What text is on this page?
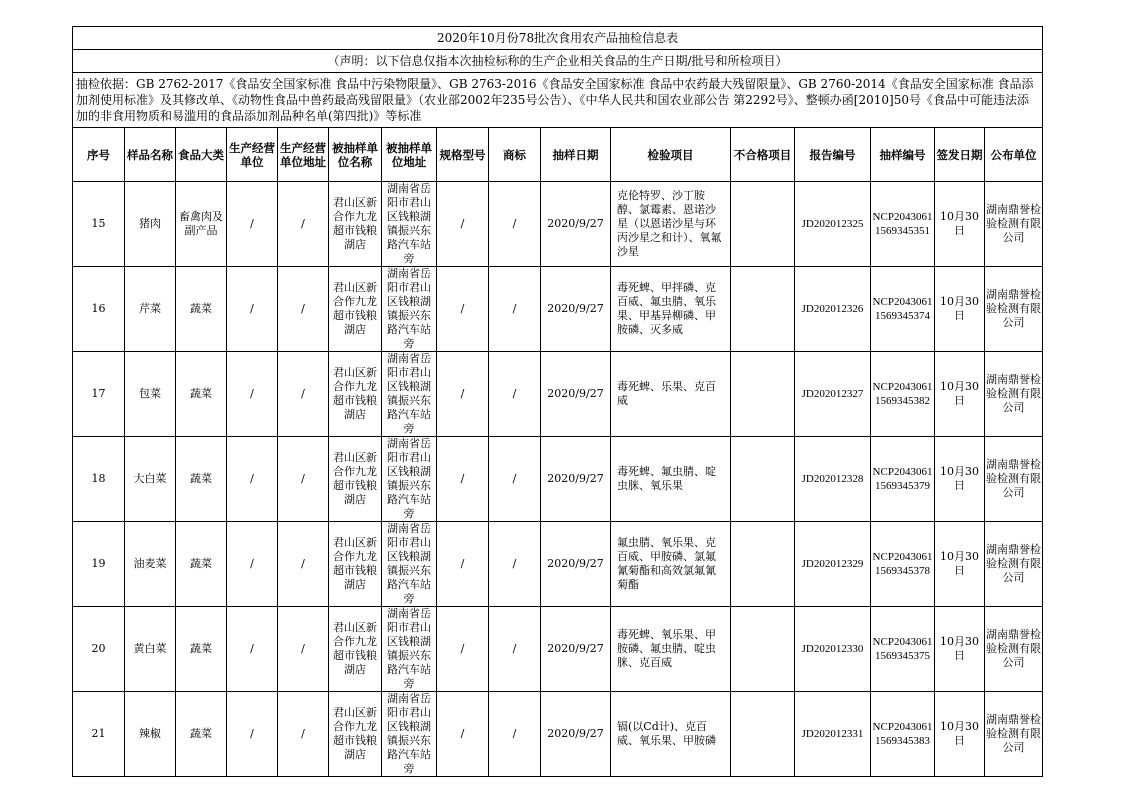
2020年10月份78批次食用农产品抽检信息表															
（声明：以下信息仅指本次抽检标称的生产企业相关食品的生产日期/批号和所检项目）															
抽检依据：GB 2762-2017《食品安全国家标准 食品中污染物限量》、GB 2763-2016《食品安全国家标准 食品中农药最大残留限量》、GB 2760-2014《食品安全国家标准 食品添加剂使用标准》及其修改单、《动物性食品中兽药最高残留限量》（农业部2002年235号公告）、《中华人民共和国农业部公告 第2292号》、整顿办函[2010]50号《食品中可能违法添加的非食用物质和易滥用的食品添加剂品种名单(第四批)》等标准															
序号	样品名称	食品大类	生产经营单位	生产经营单位地址	被抽样单位名称	被抽样单位地址	规格型号	商标	抽样日期	检验项目	不合格项目	报告编号	抽样编号	签发日期	公布单位
15	猪肉	畜禽肉及副产品	/	/	君山区新合作九龙超市钱粮湖店	湖南省岳阳市君山区钱粮湖镇振兴东路汽车站旁	/	/	2020/9/27	克伦特罗、沙丁胺醇、氯霉素、恩诺沙星（以恩诺沙星与环丙沙星之和计）、氧氟沙星		JD202012325	NCP20430611569345351	10月30日	湖南鼎誉检验检测有限公司
16	芹菜	蔬菜	/	/	君山区新合作九龙超市钱粮湖店	湖南省岳阳市君山区钱粮湖镇振兴东路汽车站旁	/	/	2020/9/27	毒死蜱、甲拌磷、克百威、氟虫腈、氧乐果、甲基异柳磷、甲胺磷、灭多威		JD202012326	NCP20430611569345374	10月30日	湖南鼎誉检验检测有限公司
17	包菜	蔬菜	/	/	君山区新合作九龙超市钱粮湖店	湖南省岳阳市君山区钱粮湖镇振兴东路汽车站旁	/	/	2020/9/27	毒死蜱、乐果、克百威		JD202012327	NCP20430611569345382	10月30日	湖南鼎誉检验检测有限公司
18	大白菜	蔬菜	/	/	君山区新合作九龙超市钱粮湖店	湖南省岳阳市君山区钱粮湖镇振兴东路汽车站旁	/	/	2020/9/27	毒死蜱、氟虫腈、啶虫脒、氧乐果		JD202012328	NCP20430611569345379	10月30日	湖南鼎誉检验检测有限公司
19	油麦菜	蔬菜	/	/	君山区新合作九龙超市钱粮湖店	湖南省岳阳市君山区钱粮湖镇振兴东路汽车站旁	/	/	2020/9/27	氟虫腈、氧乐果、克百威、甲胺磷、氯氟氰菊酯和高效氯氟氰菊酯		JD202012329	NCP20430611569345378	10月30日	湖南鼎誉检验检测有限公司
20	黄白菜	蔬菜	/	/	君山区新合作九龙超市钱粮湖店	湖南省岳阳市君山区钱粮湖镇振兴东路汽车站旁	/	/	2020/9/27	毒死蜱、氧乐果、甲胺磷、氟虫腈、啶虫脒、克百威		JD202012330	NCP20430611569345375	10月30日	湖南鼎誉检验检测有限公司
21	辣椒	蔬菜	/	/	君山区新合作九龙超市钱粮湖店	湖南省岳阳市君山区钱粮湖镇振兴东路汽车站旁	/	/	2020/9/27	镉(以Cd计)、克百威、氧乐果、甲胺磷		JD202012331	NCP20430611569345383	10月30日	湖南鼎誉检验检测有限公司
